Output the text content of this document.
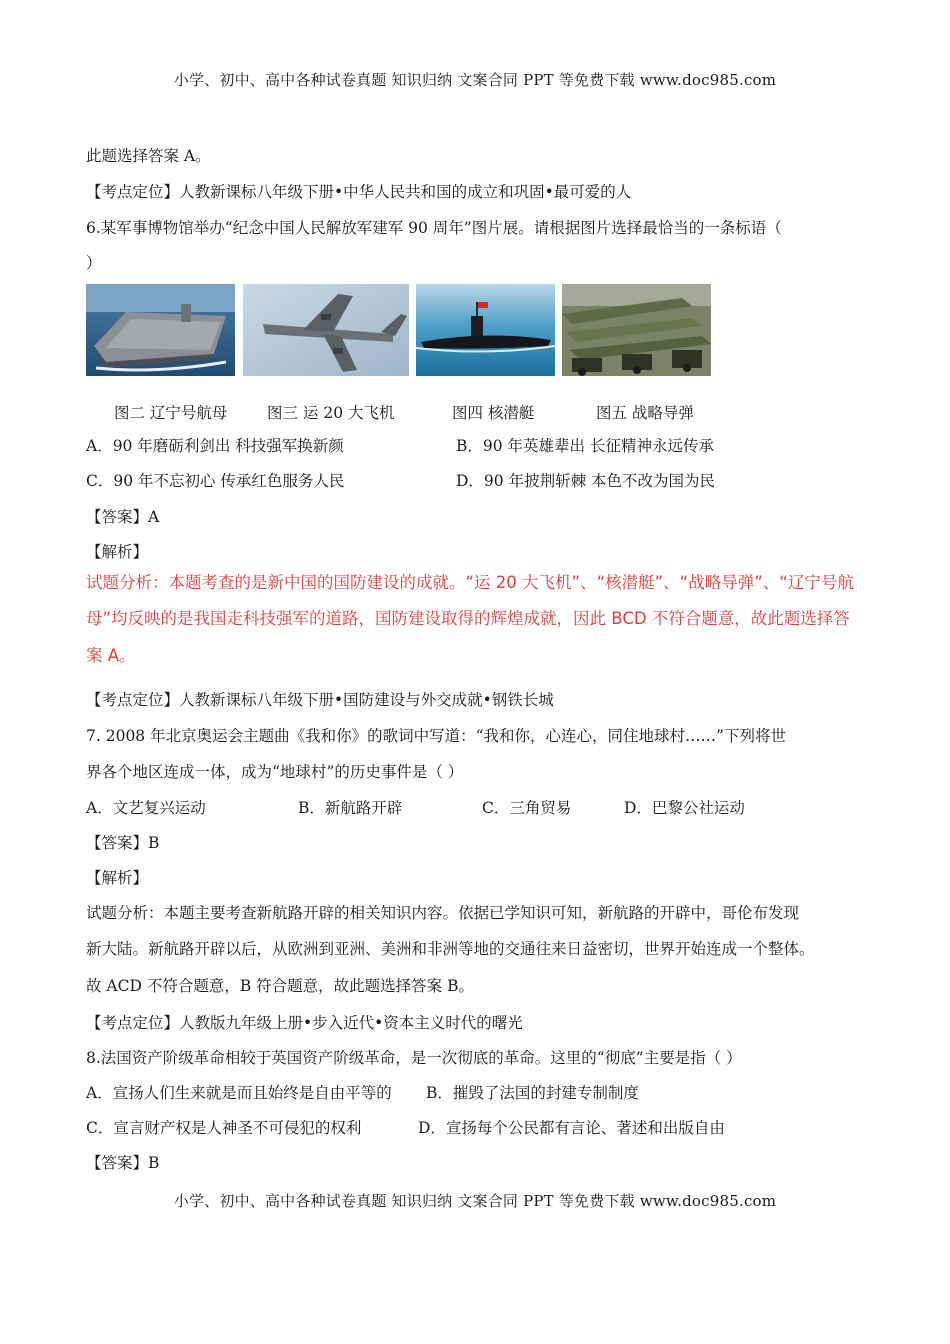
小学、初中、高中各种试卷真题 知识归纳 文案合同 PPT 等免费下载 www.doc985.com
此题选择答案 A。
【考点定位】人教新课标八年级下册•中华人民共和国的成立和巩固•最可爱的人
6.某军事博物馆举办“纪念中国人民解放军建军 90 周年”图片展。请根据图片选择最恰当的一条标语（
）
图二 辽宁号航母	图三 运 20 大飞机	图四 核潜艇	图五 战略导弹
A．90 年磨砺利剑出 科技强军换新颜	B．90 年英雄辈出 长征精神永远传承
C．90 年不忘初心 传承红色服务人民	D．90 年披荆斩棘 本色不改为国为民
【答案】A
【解析】
试题分析：本题考查的是新中国的国防建设的成就。“运 20 大飞机”、“核潜艇”、“战略导弹”、“辽宁号航
母”均反映的是我国走科技强军的道路，国防建设取得的辉煌成就，因此 BCD 不符合题意，故此题选择答
案 A。
【考点定位】人教新课标八年级下册•国防建设与外交成就•钢铁长城
7. 2008 年北京奥运会主题曲《我和你》的歌词中写道：“我和你，心连心，同住地球村……”下列将世
界各个地区连成一体，成为“地球村”的历史事件是（ ）
A．文艺复兴运动	B．新航路开辟	C．三角贸易	D．巴黎公社运动
【答案】B
【解析】
试题分析：本题主要考查新航路开辟的相关知识内容。依据已学知识可知，新航路的开辟中，哥伦布发现
新大陆。新航路开辟以后，从欧洲到亚洲、美洲和非洲等地的交通往来日益密切，世界开始连成一个整体。
故 ACD 不符合题意，B 符合题意，故此题选择答案 B。
【考点定位】人教版九年级上册•步入近代•资本主义时代的曙光
8.法国资产阶级革命相较于英国资产阶级革命，是一次彻底的革命。这里的“彻底”主要是指（ ）
A．宣扬人们生来就是而且始终是自由平等的 B．摧毁了法国的封建专制制度
C．宣言财产权是人神圣不可侵犯的权利	D．宣扬每个公民都有言论、著述和出版自由
【答案】B
小学、初中、高中各种试卷真题 知识归纳 文案合同 PPT 等免费下载 www.doc985.com
